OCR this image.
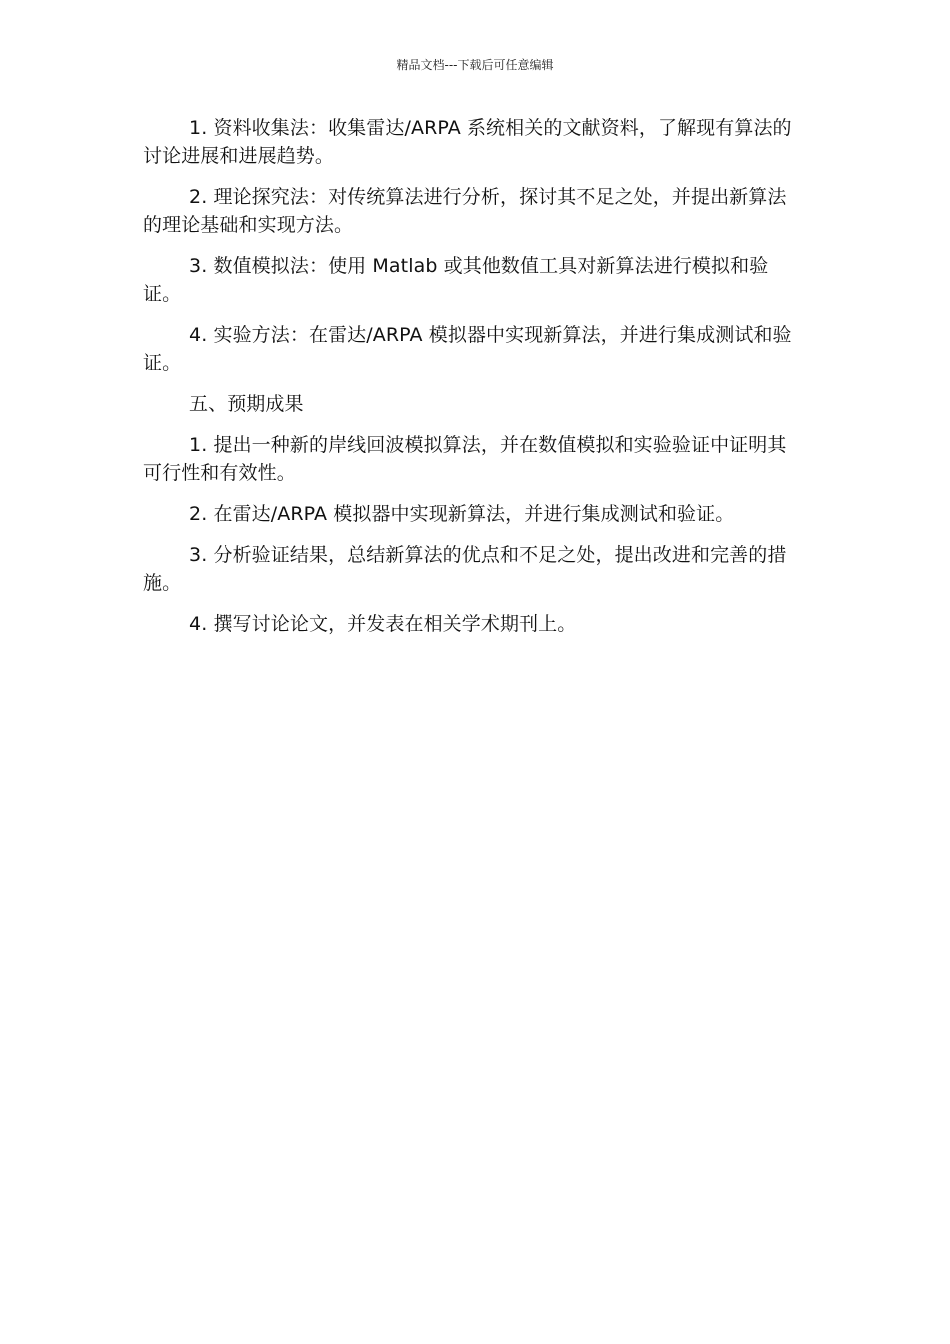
精品文档---下载后可任意编辑

1. 资料收集法：收集雷达/ARPA 系统相关的文献资料，了解现有算法的讨论进展和进展趋势。

2. 理论探究法：对传统算法进行分析，探讨其不足之处，并提出新算法的理论基础和实现方法。

3. 数值模拟法：使用 Matlab 或其他数值工具对新算法进行模拟和验证。

4. 实验方法：在雷达/ARPA 模拟器中实现新算法，并进行集成测试和验证。

五、预期成果

1. 提出一种新的岸线回波模拟算法，并在数值模拟和实验验证中证明其可行性和有效性。

2. 在雷达/ARPA 模拟器中实现新算法，并进行集成测试和验证。

3. 分析验证结果，总结新算法的优点和不足之处，提出改进和完善的措施。

4. 撰写讨论论文，并发表在相关学术期刊上。
